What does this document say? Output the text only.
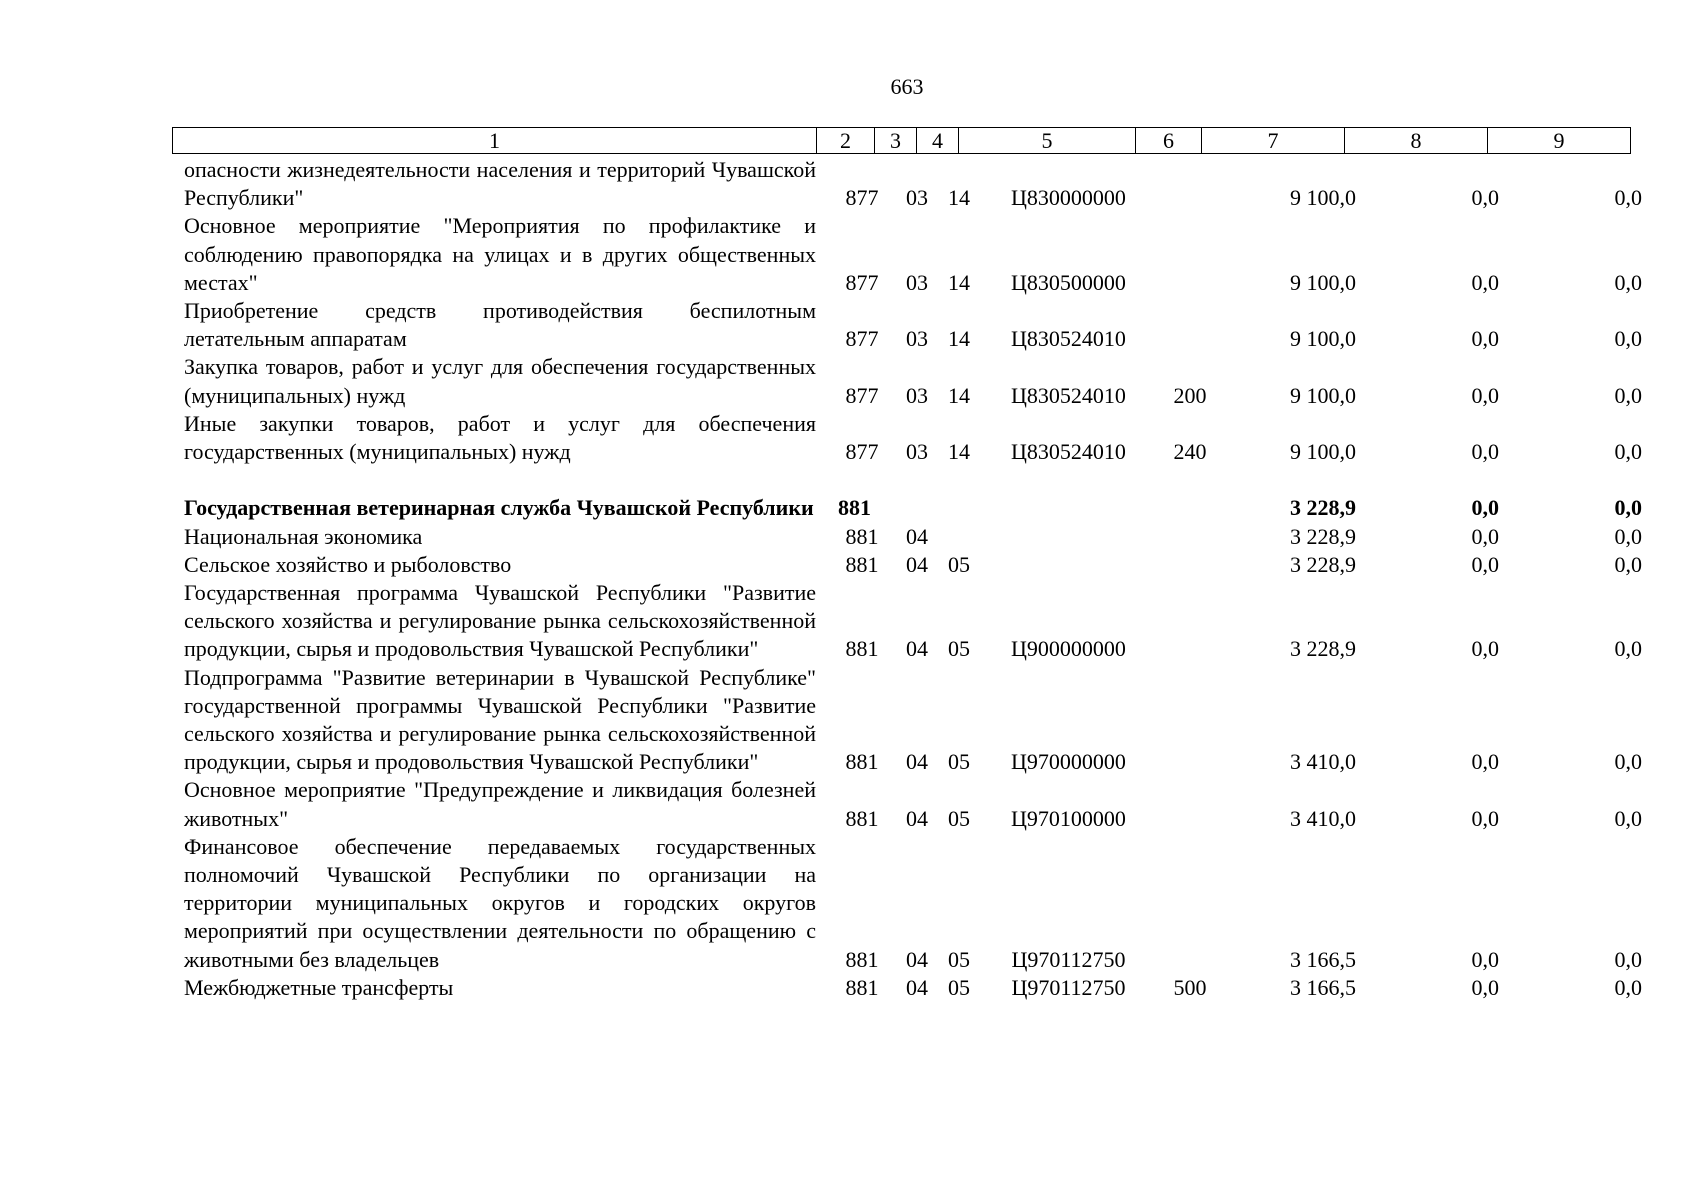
663
1	2	3	4	5	6	7	8	9
опасности жизнедеятельности населения и территорий Чувашской Республики"	877	03	14	Ц830000000		9 100,0	0,0	0,0
Основное мероприятие "Мероприятия по профилактике и соблюдению правопорядка на улицах и в других общественных местах"	877	03	14	Ц830500000		9 100,0	0,0	0,0
Приобретение средств противодействия беспилотным летательным аппаратам	877	03	14	Ц830524010		9 100,0	0,0	0,0
Закупка товаров, работ и услуг для обеспечения государственных (муниципальных) нужд	877	03	14	Ц830524010	200	9 100,0	0,0	0,0
Иные закупки товаров, работ и услуг для обеспечения государственных (муниципальных) нужд	877	03	14	Ц830524010	240	9 100,0	0,0	0,0

Государственная ветеринарная служба Чувашской Республики	881					3 228,9	0,0	0,0
Национальная экономика	881	04				3 228,9	0,0	0,0
Сельское хозяйство и рыболовство	881	04	05			3 228,9	0,0	0,0
Государственная программа Чувашской Республики "Развитие сельского хозяйства и регулирование рынка сельскохозяйственной продукции, сырья и продовольствия Чувашской Республики"	881	04	05	Ц900000000		3 228,9	0,0	0,0
Подпрограмма "Развитие ветеринарии в Чувашской Республике" государственной программы Чувашской Республики "Развитие сельского хозяйства и регулирование рынка сельскохозяйственной продукции, сырья и продовольствия Чувашской Республики"	881	04	05	Ц970000000		3 410,0	0,0	0,0
Основное мероприятие "Предупреждение и ликвидация болезней животных"	881	04	05	Ц970100000		3 410,0	0,0	0,0
Финансовое обеспечение передаваемых государственных полномочий Чувашской Республики по организации на территории муниципальных округов и городских округов мероприятий при осуществлении деятельности по обращению с животными без владельцев	881	04	05	Ц970112750		3 166,5	0,0	0,0
Межбюджетные трансферты	881	04	05	Ц970112750	500	3 166,5	0,0	0,0
